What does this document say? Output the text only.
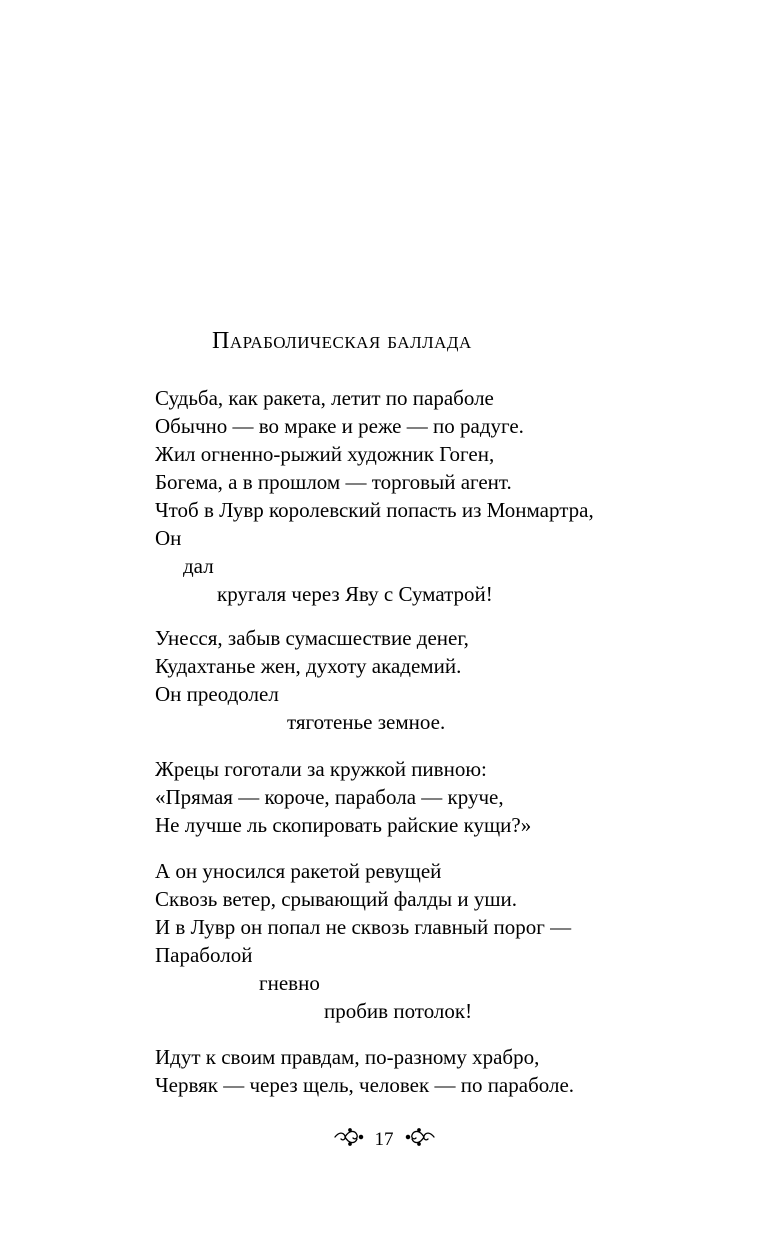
Параболическая баллада
Судьба, как ракета, летит по параболе
Обычно — во мраке и реже — по радуге.
Жил огненно-рыжий художник Гоген,
Богема, а в прошлом — торговый агент.
Чтоб в Лувр королевский попасть из Монмартра,
Он
дал
кругаля через Яву с Суматрой!
Унесся, забыв сумасшествие денег,
Кудахтанье жен, духоту академий.
Он преодолел
тяготенье земное.
Жрецы гоготали за кружкой пивною:
«Прямая — короче, парабола — круче,
Не лучше ль скопировать райские кущи?»
А он уносился ракетой ревущей
Сквозь ветер, срывающий фалды и уши.
И в Лувр он попал не сквозь главный порог —
Параболой
гневно
пробив потолок!
Идут к своим правдам, по-разному храбро,
Червяк — через щель, человек — по параболе.
17
